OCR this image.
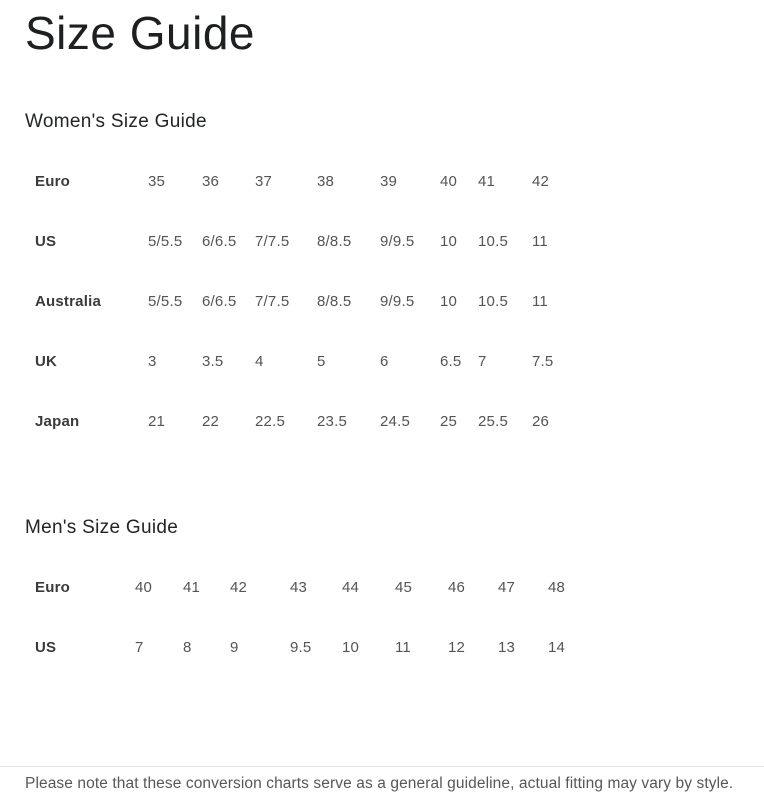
Size Guide
Women's Size Guide
Euro	35	36	37	38	39	40	41	42
US	5/5.5	6/6.5	7/7.5	8/8.5	9/9.5	10	10.5	11
Australia	5/5.5	6/6.5	7/7.5	8/8.5	9/9.5	10	10.5	11
UK	3	3.5	4	5	6	6.5	7	7.5
Japan	21	22	22.5	23.5	24.5	25	25.5	26
Men's Size Guide
Euro	40	41	42	43	44	45	46	47	48
US	7	8	9	9.5	10	11	12	13	14
Please note that these conversion charts serve as a general guideline, actual fitting may vary by style.
